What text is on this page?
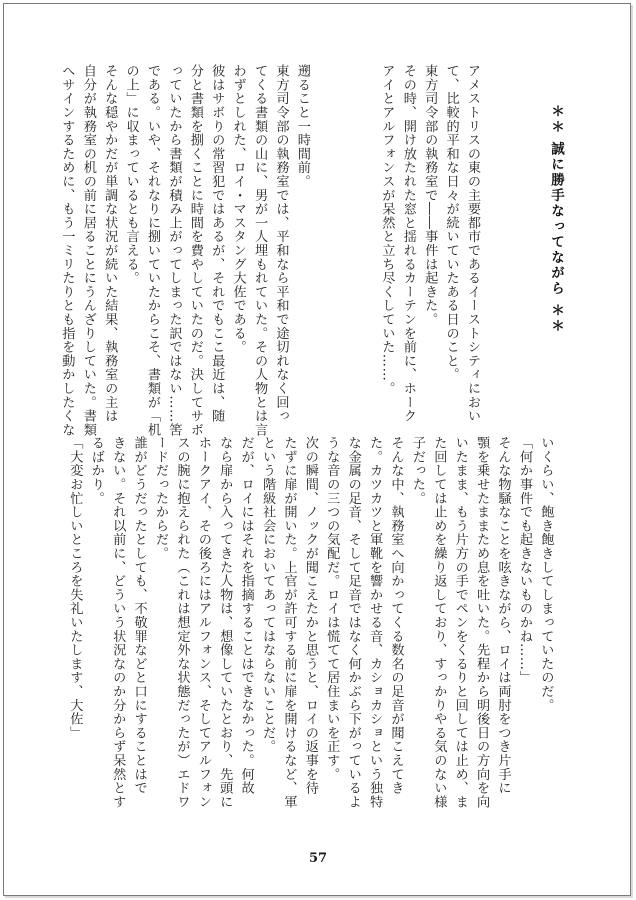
＊＊ 誠に勝手なってながら ＊＊
アメストリスの東の主要都市であるイーストシティにおい
て、比較的平和な日々が続いていたある日のこと。
東方司令部の執務室で――事件は起きた。
その時、開け放たれた窓と揺れるカーテンを前に、ホーク
アイとアルフォンスが呆然と立ち尽くしていた……。
遡ること一時間前。
東方司令部の執務室では、平和なら平和で途切れなく回っ
てくる書類の山に、男が一人埋もれていた。その人物とは言
わずとしれた、ロイ・マスタング大佐である。
彼はサボりの常習犯ではあるが、それでもここ最近は、随
分と書類を捌くことに時間を費やしていたのだ。決してサボ
っていたから書類が積み上がってしまった訳ではない……筈
である。いや、それなりに捌いていたからこそ、書類が「机
の上」に収まっているとも言える。
そんな穏やかだが単調な状況が続いた結果、執務室の主は
自分が執務室の机の前に居ることにうんざりしていた。書類
へサインするために、もう一ミリたりとも指を動かしたくな
いくらい、飽き飽きしてしまっていたのだ。
「何か事件でも起きないものかね……」
そんな物騒なことを呟きながら、ロイは両肘をつき片手に
顎を乗せたままため息を吐いた。先程から明後日の方向を向
いたまま、もう片方の手でペンをくるりと回しては止め、ま
た回しては止めを繰り返しており、すっかりやる気のない様
子だった。
そんな中、執務室へ向かってくる数名の足音が聞こえてき
た。カツカツと軍靴を響かせる音、カショカショという独特
な金属の足音、そして足音ではなく何かぶら下がっているよ
うな音の三つの気配だ。ロイは慌てて居住まいを正す。
次の瞬間、ノックが聞こえたかと思うと、ロイの返事を待
たずに扉が開いた。上官が許可する前に扉を開けるなど、軍
という階級社会においてあってはならないことだ。
だが、ロイにはそれを指摘することはできなかった。何故
なら扉から入ってきた人物は、想像していたとおり、先頭に
ホークアイ、その後ろにはアルフォンス、そしてアルフォン
スの腕に抱えられた（これは想定外な状態だったが）エドワ
ードだったからだ。
誰がどうだったとしても、不敬罪などと口にすることはで
きない。それ以前に、どういう状況なのか分からず呆然とす
るばかり。
「大変お忙しいところを失礼いたします、大佐」
57
